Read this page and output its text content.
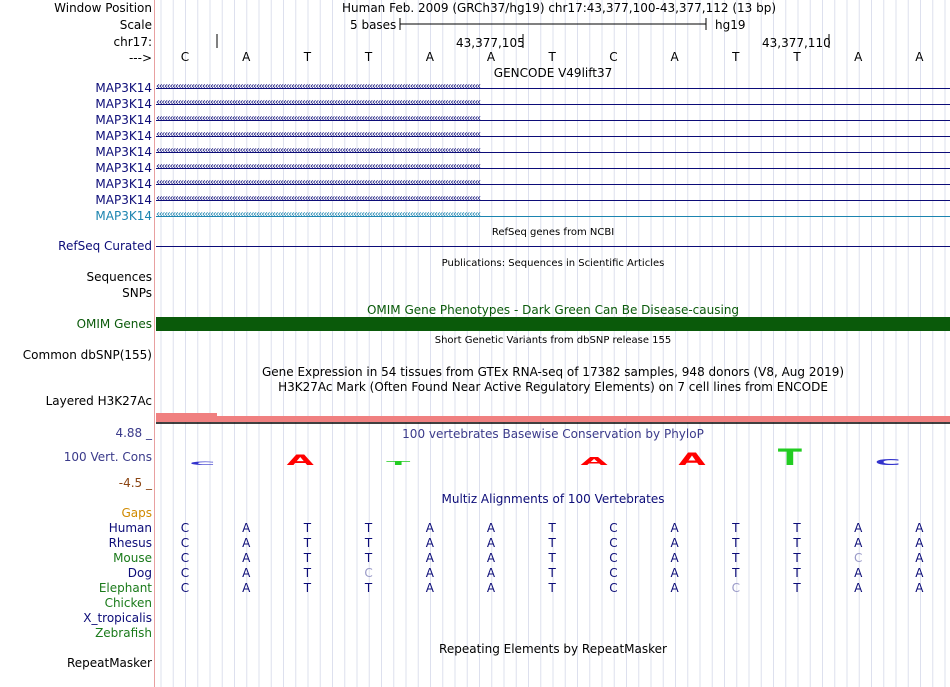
Window Position	Human Feb. 2009 (GRCh37/hg19) chr17:43,377,100-43,377,112 (13 bp)
Scale	5 bases	hg19
chr17:	43,377,105	43,377,110
--->	C	A	T	T	A	A	T	C	A	T	T	A	A
GENCODE V49lift37
MAP3K14 ‹‹‹‹‹‹‹‹‹‹‹‹‹‹‹‹‹‹‹‹‹‹‹‹‹‹‹‹‹‹‹‹‹‹‹‹‹‹‹‹‹‹‹‹‹‹‹‹‹‹‹‹‹‹‹‹‹‹‹‹‹‹‹‹‹‹‹‹‹‹‹‹‹‹‹‹‹‹‹‹‹‹‹‹‹‹‹‹‹‹‹‹‹‹‹‹‹‹‹‹‹‹‹‹‹‹‹‹‹‹‹‹‹‹‹‹‹‹‹‹
MAP3K14 ‹‹‹‹‹‹‹‹‹‹‹‹‹‹‹‹‹‹‹‹‹‹‹‹‹‹‹‹‹‹‹‹‹‹‹‹‹‹‹‹‹‹‹‹‹‹‹‹‹‹‹‹‹‹‹‹‹‹‹‹‹‹‹‹‹‹‹‹‹‹‹‹‹‹‹‹‹‹‹‹‹‹‹‹‹‹‹‹‹‹‹‹‹‹‹‹‹‹‹‹‹‹‹‹‹‹‹‹‹‹‹‹‹‹‹‹‹‹‹‹
MAP3K14 ‹‹‹‹‹‹‹‹‹‹‹‹‹‹‹‹‹‹‹‹‹‹‹‹‹‹‹‹‹‹‹‹‹‹‹‹‹‹‹‹‹‹‹‹‹‹‹‹‹‹‹‹‹‹‹‹‹‹‹‹‹‹‹‹‹‹‹‹‹‹‹‹‹‹‹‹‹‹‹‹‹‹‹‹‹‹‹‹‹‹‹‹‹‹‹‹‹‹‹‹‹‹‹‹‹‹‹‹‹‹‹‹‹‹‹‹‹‹‹‹
MAP3K14 ‹‹‹‹‹‹‹‹‹‹‹‹‹‹‹‹‹‹‹‹‹‹‹‹‹‹‹‹‹‹‹‹‹‹‹‹‹‹‹‹‹‹‹‹‹‹‹‹‹‹‹‹‹‹‹‹‹‹‹‹‹‹‹‹‹‹‹‹‹‹‹‹‹‹‹‹‹‹‹‹‹‹‹‹‹‹‹‹‹‹‹‹‹‹‹‹‹‹‹‹‹‹‹‹‹‹‹‹‹‹‹‹‹‹‹‹‹‹‹‹
MAP3K14 ‹‹‹‹‹‹‹‹‹‹‹‹‹‹‹‹‹‹‹‹‹‹‹‹‹‹‹‹‹‹‹‹‹‹‹‹‹‹‹‹‹‹‹‹‹‹‹‹‹‹‹‹‹‹‹‹‹‹‹‹‹‹‹‹‹‹‹‹‹‹‹‹‹‹‹‹‹‹‹‹‹‹‹‹‹‹‹‹‹‹‹‹‹‹‹‹‹‹‹‹‹‹‹‹‹‹‹‹‹‹‹‹‹‹‹‹‹‹‹‹
MAP3K14 ‹‹‹‹‹‹‹‹‹‹‹‹‹‹‹‹‹‹‹‹‹‹‹‹‹‹‹‹‹‹‹‹‹‹‹‹‹‹‹‹‹‹‹‹‹‹‹‹‹‹‹‹‹‹‹‹‹‹‹‹‹‹‹‹‹‹‹‹‹‹‹‹‹‹‹‹‹‹‹‹‹‹‹‹‹‹‹‹‹‹‹‹‹‹‹‹‹‹‹‹‹‹‹‹‹‹‹‹‹‹‹‹‹‹‹‹‹‹‹‹
MAP3K14 ‹‹‹‹‹‹‹‹‹‹‹‹‹‹‹‹‹‹‹‹‹‹‹‹‹‹‹‹‹‹‹‹‹‹‹‹‹‹‹‹‹‹‹‹‹‹‹‹‹‹‹‹‹‹‹‹‹‹‹‹‹‹‹‹‹‹‹‹‹‹‹‹‹‹‹‹‹‹‹‹‹‹‹‹‹‹‹‹‹‹‹‹‹‹‹‹‹‹‹‹‹‹‹‹‹‹‹‹‹‹‹‹‹‹‹‹‹‹‹‹
MAP3K14 ‹‹‹‹‹‹‹‹‹‹‹‹‹‹‹‹‹‹‹‹‹‹‹‹‹‹‹‹‹‹‹‹‹‹‹‹‹‹‹‹‹‹‹‹‹‹‹‹‹‹‹‹‹‹‹‹‹‹‹‹‹‹‹‹‹‹‹‹‹‹‹‹‹‹‹‹‹‹‹‹‹‹‹‹‹‹‹‹‹‹‹‹‹‹‹‹‹‹‹‹‹‹‹‹‹‹‹‹‹‹‹‹‹‹‹‹‹‹‹‹
MAP3K14 ‹‹‹‹‹‹‹‹‹‹‹‹‹‹‹‹‹‹‹‹‹‹‹‹‹‹‹‹‹‹‹‹‹‹‹‹‹‹‹‹‹‹‹‹‹‹‹‹‹‹‹‹‹‹‹‹‹‹‹‹‹‹‹‹‹‹‹‹‹‹‹‹‹‹‹‹‹‹‹‹‹‹‹‹‹‹‹‹‹‹‹‹‹‹‹‹‹‹‹‹‹‹‹‹‹‹‹‹‹‹‹‹‹‹‹‹‹‹‹‹
RefSeq genes from NCBI
RefSeq Curated
Publications: Sequences in Scientific Articles
Sequences
SNPs
OMIM Gene Phenotypes - Dark Green Can Be Disease-causing
OMIM Genes
Short Genetic Variants from dbSNP release 155
Common dbSNP(155)
Gene Expression in 54 tissues from GTEx RNA-seq of 17382 samples, 948 donors (V8, Aug 2019)
H3K27Ac Mark (Often Found Near Active Regulatory Elements) on 7 cell lines from ENCODE
Layered H3K27Ac
4.88 _	100 vertebrates Basewise Conservation by PhyloP
100 Vert. Cons
-4.5 _
C	A	T	A	A	T	C
Multiz Alignments of 100 Vertebrates
Gaps
Human	C	A	T	T	A	A	T	C	A	T	T	A	A
Rhesus	C	A	T	T	A	A	T	C	A	T	T	A	A
Mouse	C	A	T	T	A	A	T	C	A	T	T	C	A
Dog	C	A	T	C	A	A	T	C	A	T	T	A	A
Elephant	C	A	T	T	A	A	T	C	A	C	T	A	A
Chicken
X_tropicalis
Zebrafish
Repeating Elements by RepeatMasker
RepeatMasker
